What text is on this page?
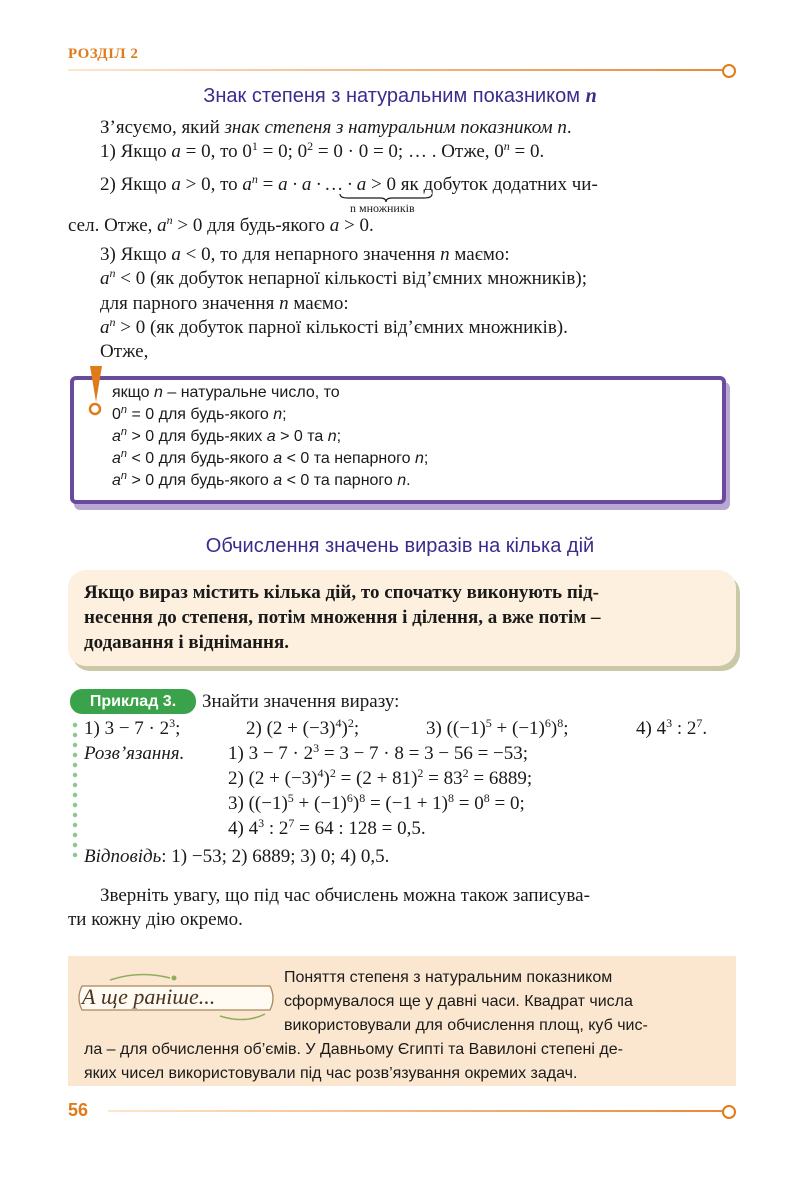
РОЗДІЛ 2
Знак степеня з натуральним показником n
З’ясуємо, який знак степеня з натуральним показником n.
1) Якщо a = 0, то $0^1 = 0$; $0^2 = 0 \cdot 0 = 0$; … . Отже, $0^n = 0$.
2) Якщо a > 0, то $a^n = a \cdot a$ · … · a > 0 як добуток додатних чи-
n множників
сел. Отже, $a^n > 0$ для будь-якого a > 0.
3) Якщо a < 0, то для непарного значення n маємо:
$a^n < 0$ (як добуток непарної кількості від’ємних множників);
для парного значення n маємо:
$a^n > 0$ (як добуток парної кількості від’ємних множників).
Отже,
якщо n – натуральне число, то
$0^n = 0$ для будь-якого n;
$a^n > 0$ для будь-яких a > 0 та n;
$a^n < 0$ для будь-якого a < 0 та непарного n;
$a^n > 0$ для будь-якого a < 0 та парного n.
Обчислення значень виразів на кілька дій
Якщо вираз містить кілька дій, то спочатку виконують під-
несення до степеня, потім множення і ділення, а вже потім –
додавання і віднімання.
Приклад 3.	Знайти значення виразу:
1) $3 - 7 \cdot 2^3$;	2) $(2 + (-3)^4)^2$;	3) $((-1)^5 + (-1)^6)^8$;	4) $4^3$ : $2^7$.
Розв’язання. 1) $3 - 7 \cdot 2^3 = 3 - 7 \cdot 8 = 3 - 56 = -53$;
2) $(2 + (-3)^4)^2 = (2 + 81)^2 = 83^2 = 6889$;
3) $((-1)^5 + (-1)^6)^8 = (-1 + 1)^8 = 0^8 = 0$;
4) $4^3$ : $2^7 = 64$ : 128 = 0,5.
Відповідь: 1) −53; 2) 6889; 3) 0; 4) 0,5.
Зверніть увагу, що під час обчислень можна також записува-
ти кожну дію окремо.
А ще раніше...
Поняття степеня з натуральним показником
сформувалося ще у давні часи. Квадрат числа
використовували для обчислення площ, куб чис-
ла – для обчислення об’ємів. У Давньому Єгипті та Вавилоні степені де-
яких чисел використовували під час розв’язування окремих задач.
56
